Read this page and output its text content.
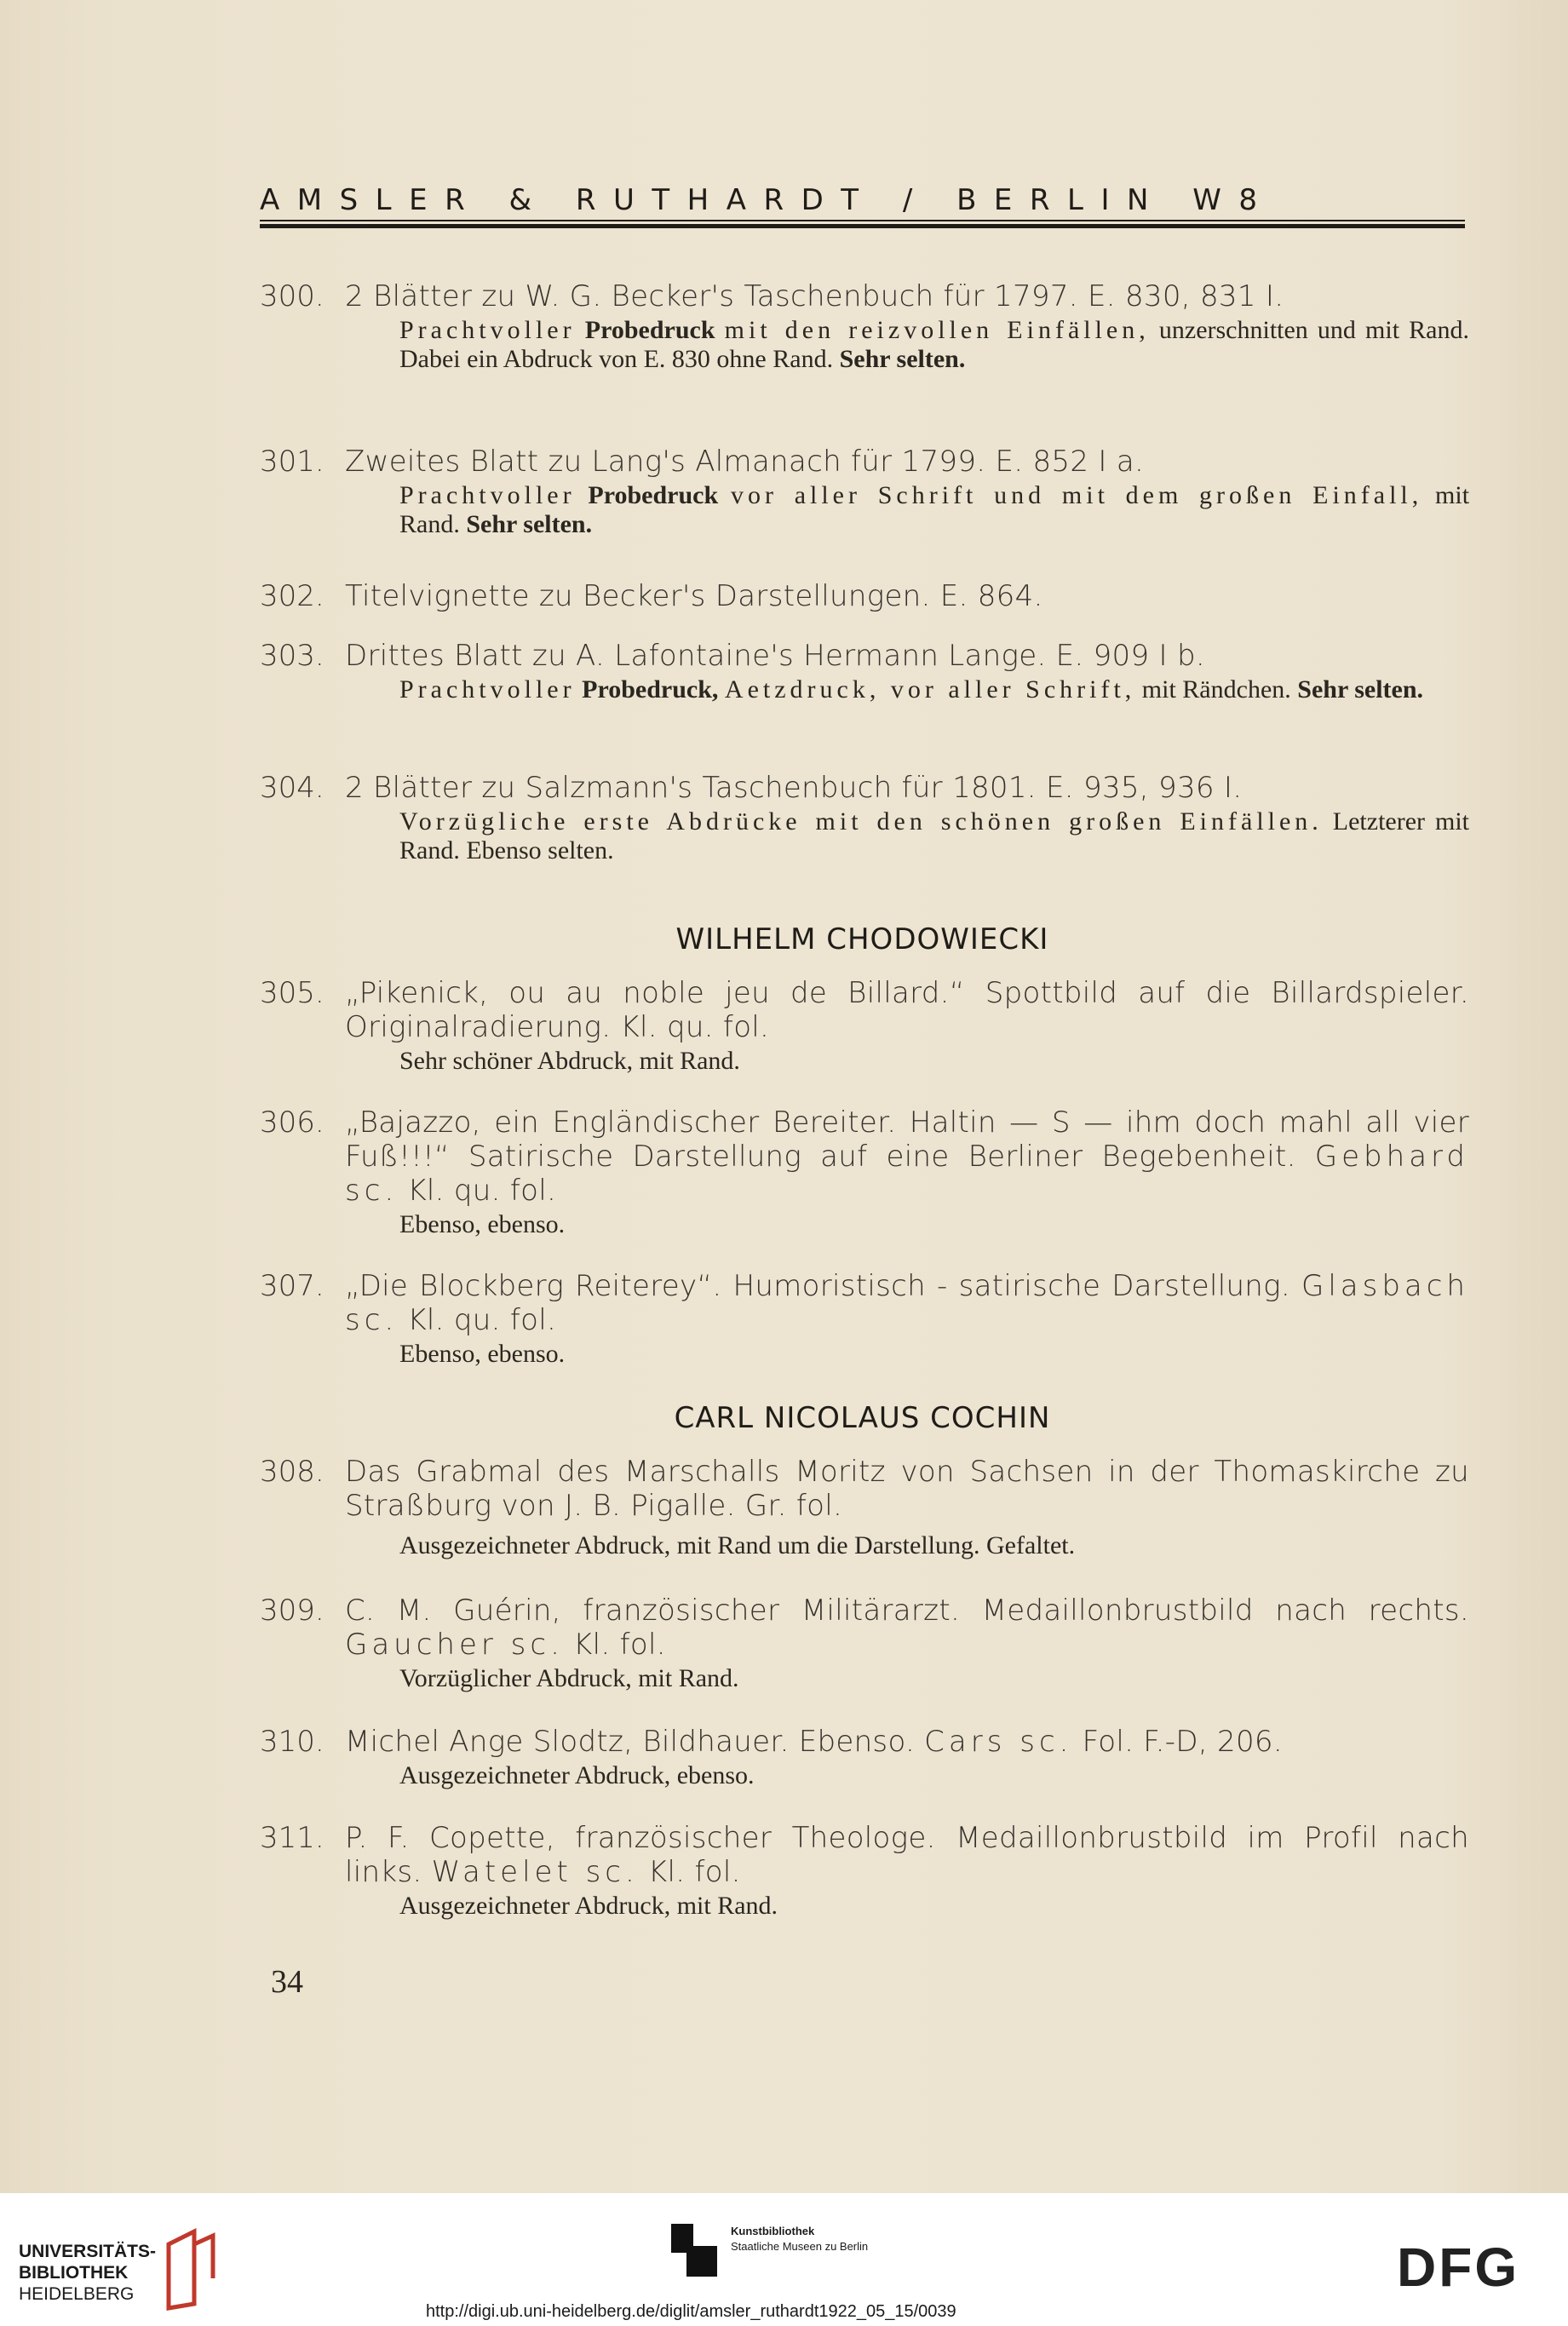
AMSLER & RUTHARDT / BERLIN W8
300. 2 Blätter zu W. G. Becker's Taschenbuch für 1797. E. 830, 831 I.
Prachtvoller Probedruck mit den reizvollen Einfällen, unzerschnitten und mit Rand. Dabei ein Abdruck von E. 830 ohne Rand. Sehr selten.
301. Zweites Blatt zu Lang's Almanach für 1799. E. 852 I a.
Prachtvoller Probedruck vor aller Schrift und mit dem großen Einfall, mit Rand. Sehr selten.
302. Titelvignette zu Becker's Darstellungen. E. 864.
303. Drittes Blatt zu A. Lafontaine's Hermann Lange. E. 909 I b.
Prachtvoller Probedruck, Aetzdruck, vor aller Schrift, mit Rändchen. Sehr selten.
304. 2 Blätter zu Salzmann's Taschenbuch für 1801. E. 935, 936 I.
Vorzügliche erste Abdrücke mit den schönen großen Einfällen. Letzterer mit Rand. Ebenso selten.
WILHELM CHODOWIECKI
305. „Pikenick, ou au noble jeu de Billard.“ Spottbild auf die Billardspieler. Originalradierung. Kl. qu. fol.
Sehr schöner Abdruck, mit Rand.
306. „Bajazzo, ein Engländischer Bereiter. Haltin — S — ihm doch mahl all vier Fuß!!!“ Satirische Darstellung auf eine Berliner Begebenheit. Gebhard sc. Kl. qu. fol.
Ebenso, ebenso.
307. „Die Blockberg Reiterey“. Humoristisch - satirische Darstellung. Glasbach sc. Kl. qu. fol.
Ebenso, ebenso.
CARL NICOLAUS COCHIN
308. Das Grabmal des Marschalls Moritz von Sachsen in der Thomaskirche zu Straßburg von J. B. Pigalle. Gr. fol.
Ausgezeichneter Abdruck, mit Rand um die Darstellung. Gefaltet.
309. C. M. Guérin, französischer Militärarzt. Medaillonbrustbild nach rechts. Gaucher sc. Kl. fol.
Vorzüglicher Abdruck, mit Rand.
310. Michel Ange Slodtz, Bildhauer. Ebenso. Cars sc. Fol. F.-D, 206.
Ausgezeichneter Abdruck, ebenso.
311. P. F. Copette, französischer Theologe. Medaillonbrustbild im Profil nach links. Watelet sc. Kl. fol.
Ausgezeichneter Abdruck, mit Rand.
34
UNIVERSITÄTS-
BIBLIOTHEK
HEIDELBERG
Kunstbibliothek
Staatliche Museen zu Berlin	DFG
http://digi.ub.uni-heidelberg.de/diglit/amsler_ruthardt1922_05_15/0039
